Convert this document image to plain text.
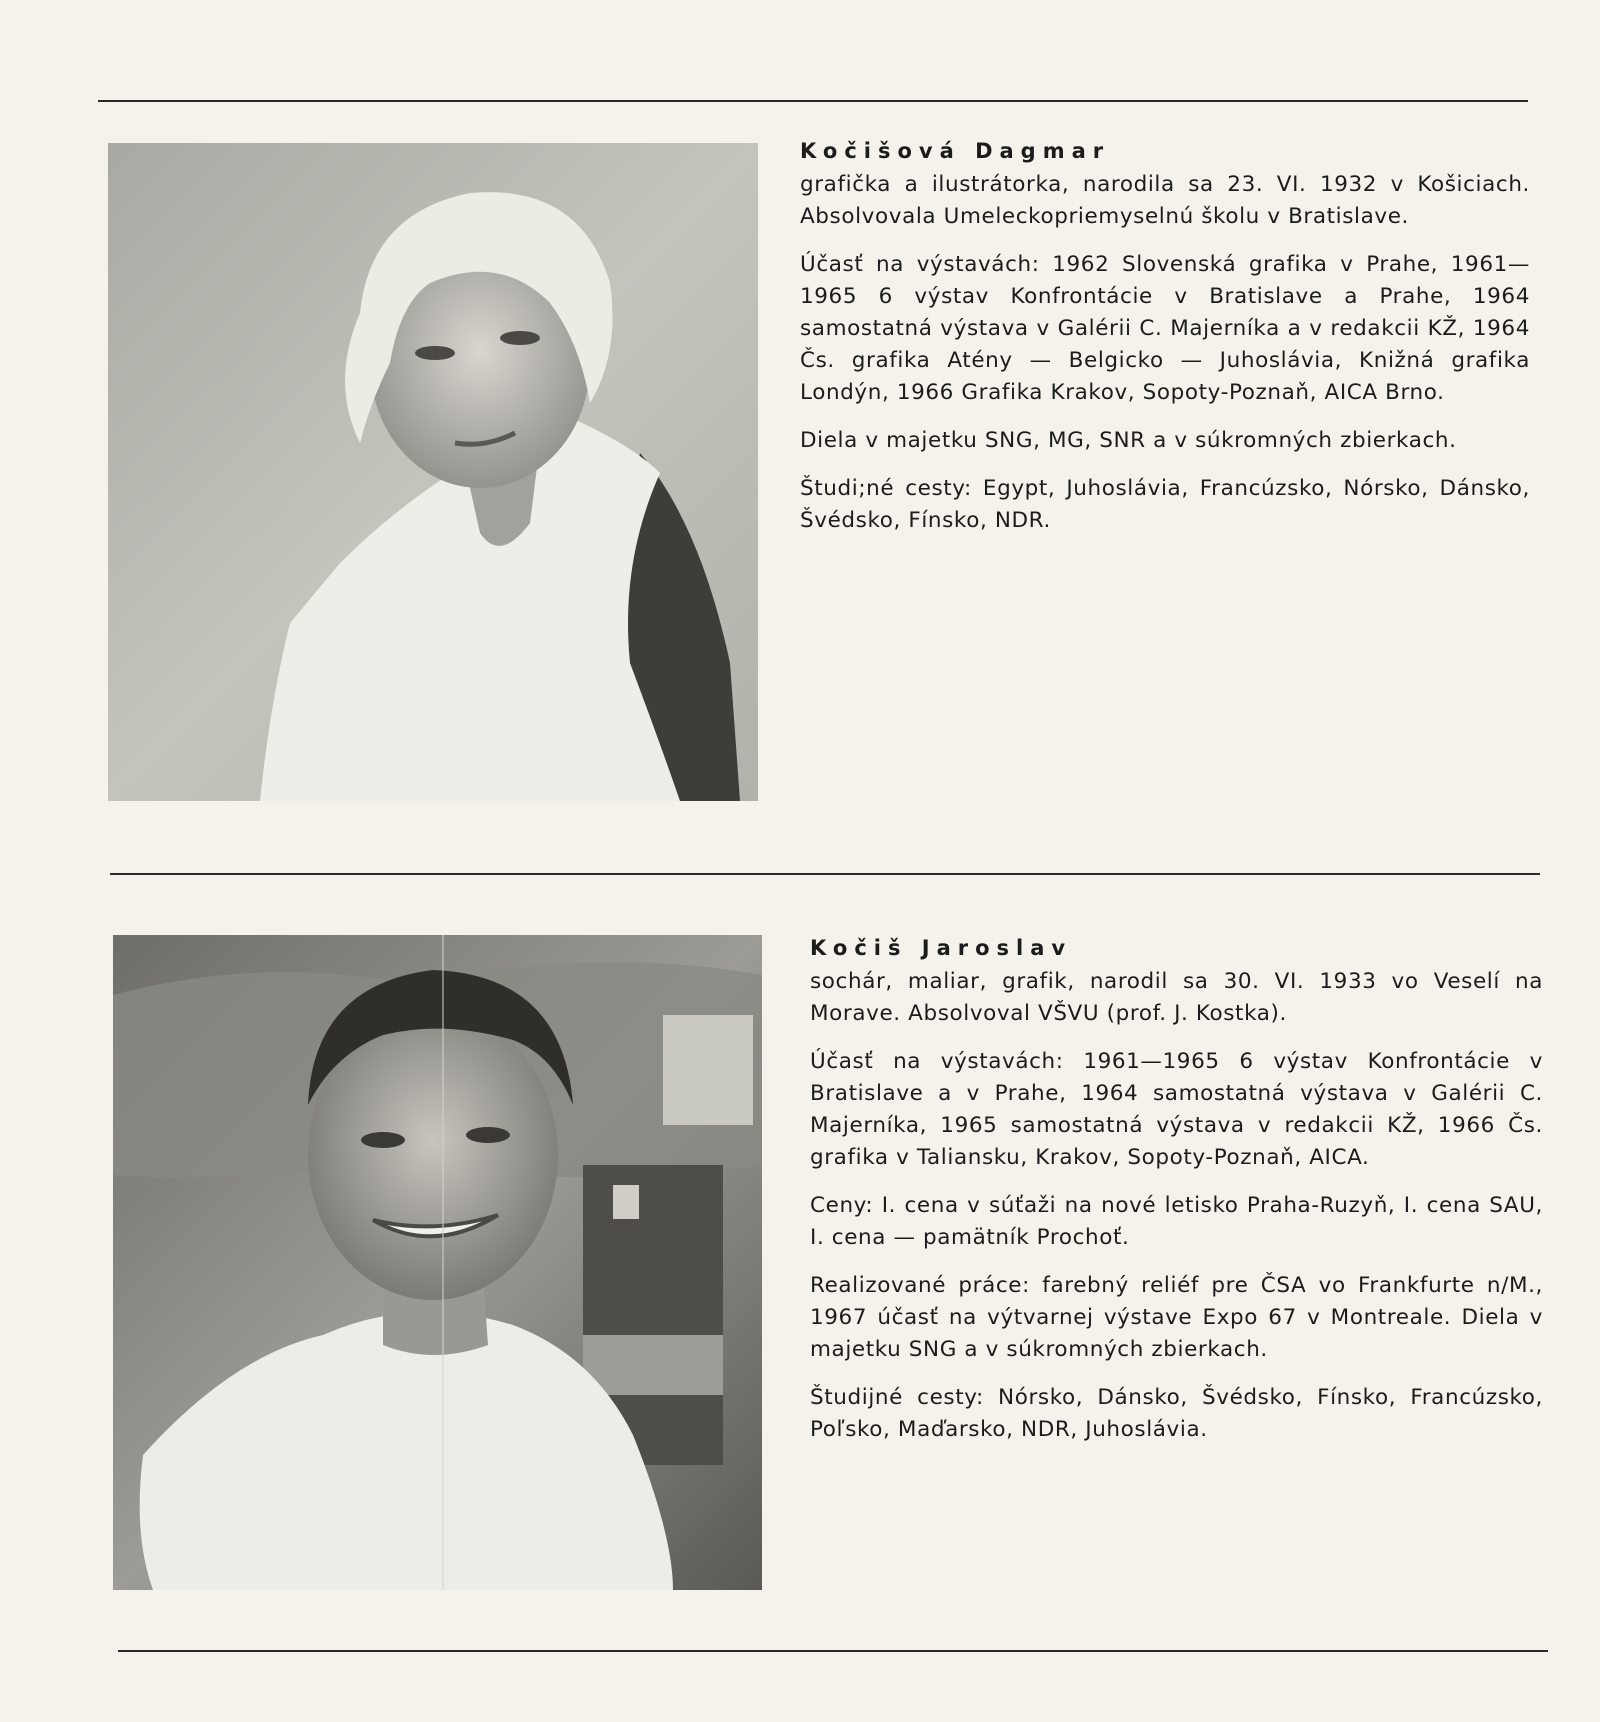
Kočišová Dagmar

grafička a ilustrátorka, narodila sa 23. VI. 1932 v Košiciach. Absolvovala Umeleckopriemyselnú školu v Bratislave.

Účasť na výstavách: 1962 Slovenská grafika v Prahe, 1961—1965 6 výstav Konfrontácie v Bratislave a Prahe, 1964 samostatná výstava v Galérii C. Majerníka a v redakcii KŽ, 1964 Čs. grafika Atény — Belgicko — Juhoslávia, Knižná grafika Londýn, 1966 Grafika Krakov, Sopoty-Poznaň, AICA Brno.

Diela v majetku SNG, MG, SNR a v súkromných zbierkach.

Študi;né cesty: Egypt, Juhoslávia, Francúzsko, Nórsko, Dánsko, Švédsko, Fínsko, NDR.

Kočiš Jaroslav

sochár, maliar, grafik, narodil sa 30. VI. 1933 vo Veselí na Morave. Absolvoval VŠVU (prof. J. Kostka).

Účasť na výstavách: 1961—1965 6 výstav Konfrontácie v Bratislave a v Prahe, 1964 samostatná výstava v Galérii C. Majerníka, 1965 samostatná výstava v redakcii KŽ, 1966 Čs. grafika v Taliansku, Krakov, Sopoty-Poznaň, AICA.

Ceny: I. cena v súťaži na nové letisko Praha-Ruzyň, I. cena SAU, I. cena — pamätník Prochoť.

Realizované práce: farebný reliéf pre ČSA vo Frankfurte n/M., 1967 účasť na výtvarnej výstave Expo 67 v Montreale. Diela v majetku SNG a v súkromných zbierkach.

Študijné cesty: Nórsko, Dánsko, Švédsko, Fínsko, Francúzsko, Poľsko, Maďarsko, NDR, Juhoslávia.
